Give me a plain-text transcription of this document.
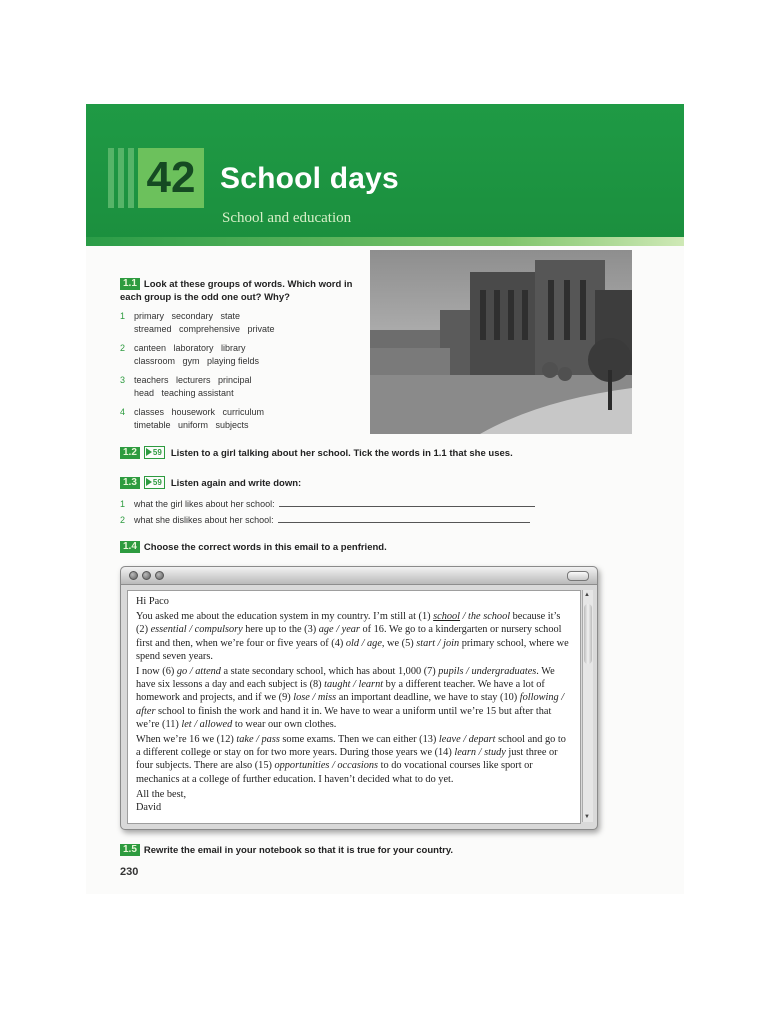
42 School days
School and education
1.1 Look at these groups of words. Which word in
each group is the odd one out? Why?
1 primary   secondary   state
streamed   comprehensive   private
2 canteen   laboratory   library
classroom   gym   playing fields
3 teachers   lecturers   principal
head   teaching assistant
4 classes   housework   curriculum
timetable   uniform   subjects
1.2 59 Listen to a girl talking about her school. Tick the words in 1.1 that she uses.
1.3 59 Listen again and write down:
1 what the girl likes about her school:
2 what she dislikes about her school:
1.4 Choose the correct words in this email to a penfriend.

Hi Paco

You asked me about the education system in my country. I’m still at (1) school / the school because it’s (2) essential / compulsory here up to the (3) age / year of 16. We go to a kindergarten or nursery school first and then, when we’re four or five years of (4) old / age, we (5) start / join primary school, where we spend seven years.

I now (6) go / attend a state secondary school, which has about 1,000 (7) pupils / undergraduates. We have six lessons a day and each subject is (8) taught / learnt by a different teacher. We have a lot of homework and projects, and if we (9) lose / miss an important deadline, we have to stay (10) following / after school to finish the work and hand it in. We have to wear a uniform until we’re 15 but after that we’re (11) let / allowed to wear our own clothes.

When we’re 16 we (12) take / pass some exams. Then we can either (13) leave / depart school and go to a different college or stay on for two more years. During those years we (14) learn / study just three or four subjects. There are also (15) opportunities / occasions to do vocational courses like sport or mechanics at a college of further education. I haven’t decided what to do yet.

All the best,

David

▲
▼
1.5 Rewrite the email in your notebook so that it is true for your country.
230
